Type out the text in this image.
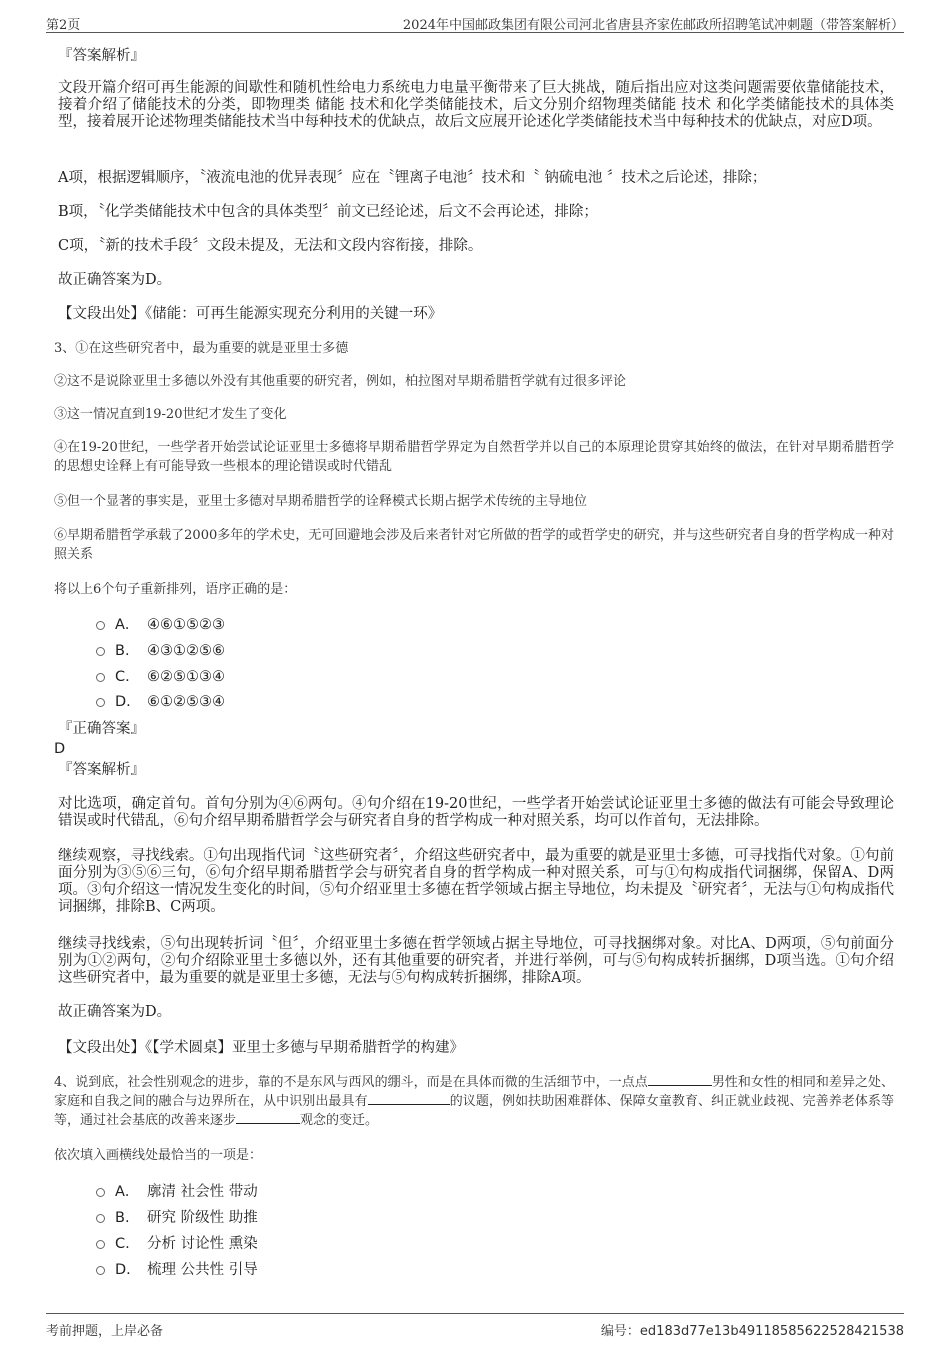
第2页	2024年中国邮政集团有限公司河北省唐县齐家佐邮政所招聘笔试冲刺题（带答案解析）

『答案解析』

文段开篇介绍可再生能源的间歇性和随机性给电力系统电力电量平衡带来了巨大挑战，随后指出应对这类问题需要依靠储能技术，接着介绍了储能技术的分类，即物理类 储能 技术和化学类储能技术，后文分别介绍物理类储能 技术 和化学类储能技术的具体类型，接着展开论述物理类储能技术当中每种技术的优缺点，故后文应展开论述化学类储能技术当中每种技术的优缺点，对应D项。

A项，根据逻辑顺序，〝液流电池的优异表现〞应在〝锂离子电池〞技术和〝 钠硫电池 〞技术之后论述，排除；

B项，〝化学类储能技术中包含的具体类型〞前文已经论述，后文不会再论述，排除；

C项，〝新的技术手段〞文段未提及，无法和文段内容衔接，排除。

故正确答案为D。

【文段出处】《储能：可再生能源实现充分利用的关键一环》

3、①在这些研究者中，最为重要的就是亚里士多德

②这不是说除亚里士多德以外没有其他重要的研究者，例如，柏拉图对早期希腊哲学就有过很多评论

③这一情况直到19-20世纪才发生了变化

④在19-20世纪，一些学者开始尝试论证亚里士多德将早期希腊哲学界定为自然哲学并以自己的本原理论贯穿其始终的做法，在针对早期希腊哲学的思想史诠释上有可能导致一些根本的理论错误或时代错乱

⑤但一个显著的事实是，亚里士多德对早期希腊哲学的诠释模式长期占据学术传统的主导地位

⑥早期希腊哲学承载了2000多年的学术史，无可回避地会涉及后来者针对它所做的哲学的或哲学史的研究，并与这些研究者自身的哲学构成一种对照关系

将以上6个句子重新排列，语序正确的是：

A． ④⑥①⑤②③
B.	④③①②⑤⑥
C.	⑥②⑤①③④
D.	⑥①②⑤③④

『正确答案』

D

『答案解析』

对比选项，确定首句。首句分别为④⑥两句。④句介绍在19-20世纪，一些学者开始尝试论证亚里士多德的做法有可能会导致理论错误或时代错乱，⑥句介绍早期希腊哲学会与研究者自身的哲学构成一种对照关系，均可以作首句，无法排除。

继续观察，寻找线索。①句出现指代词〝这些研究者〞，介绍这些研究者中，最为重要的就是亚里士多德，可寻找指代对象。①句前面分别为③⑤⑥三句，⑥句介绍早期希腊哲学会与研究者自身的哲学构成一种对照关系，可与①句构成指代词捆绑，保留A、D两项。③句介绍这一情况发生变化的时间，⑤句介绍亚里士多德在哲学领域占据主导地位，均未提及〝研究者〞，无法与①句构成指代词捆绑，排除B、C两项。

继续寻找线索，⑤句出现转折词〝但〞，介绍亚里士多德在哲学领域占据主导地位，可寻找捆绑对象。对比A、D两项，⑤句前面分别为①②两句，②句介绍除亚里士多德以外，还有其他重要的研究者，并进行举例，可与⑤句构成转折捆绑，D项当选。①句介绍这些研究者中，最为重要的就是亚里士多德，无法与⑤句构成转折捆绑，排除A项。

故正确答案为D。

【文段出处】《【学术圆桌】亚里士多德与早期希腊哲学的构建》

4、说到底，社会性别观念的进步，靠的不是东风与西风的绷斗，而是在具体而微的生活细节中，一点点	男性和女性的相同和差异之处、家庭和自我之间的融合与边界所在，从中识别出最具有	的议题，例如扶助困难群体、保障女童教育、纠正就业歧视、完善养老体系等等，通过社会基底的改善来逐步	观念的变迁。

依次填入画横线处最恰当的一项是：

A． 廓清 社会性 带动
B.	研究 阶级性 助推
C.	分析 讨论性 熏染
D.	梳理 公共性 引导
考前押题，上岸必备	编号：ed183d77e13b49118585622528421538
